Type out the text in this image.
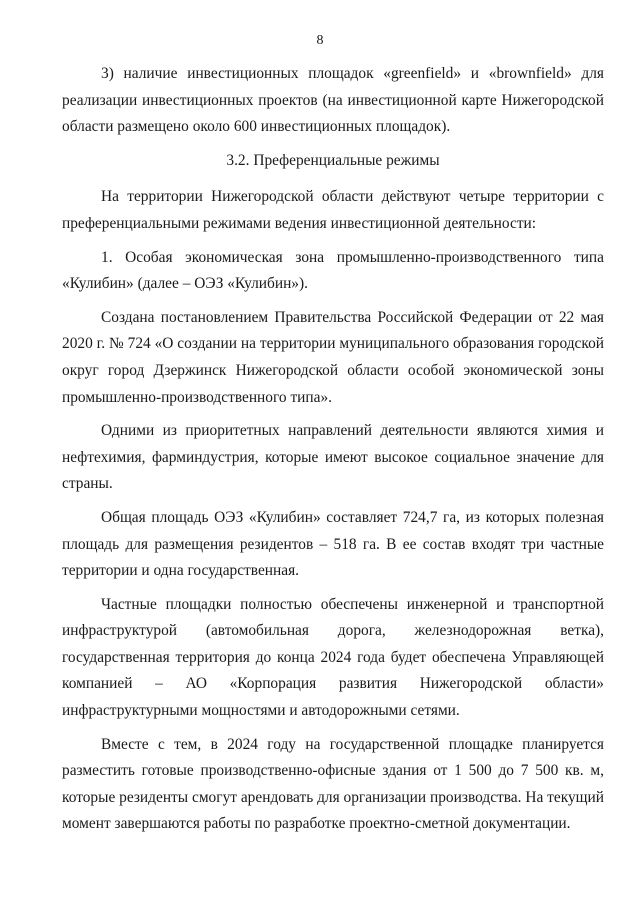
8

3) наличие инвестиционных площадок «greenfield» и «brownfield» для реализации инвестиционных проектов (на инвестиционной карте Нижегородской области размещено около 600 инвестиционных площадок).

3.2. Преференциальные режимы

На территории Нижегородской области действуют четыре территории с преференциальными режимами ведения инвестиционной деятельности:

1. Особая экономическая зона промышленно-производственного типа «Кулибин» (далее – ОЭЗ «Кулибин»).

Создана постановлением Правительства Российской Федерации от 22 мая 2020 г. № 724 «О создании на территории муниципального образования городской округ город Дзержинск Нижегородской области особой экономической зоны промышленно-производственного типа».

Одними из приоритетных направлений деятельности являются химия и нефтехимия, фарминдустрия, которые имеют высокое социальное значение для страны.

Общая площадь ОЭЗ «Кулибин» составляет 724,7 га, из которых полезная площадь для размещения резидентов – 518 га. В ее состав входят три частные территории и одна государственная.

Частные площадки полностью обеспечены инженерной и транспортной инфраструктурой (автомобильная дорога, железнодорожная ветка), государственная территория до конца 2024 года будет обеспечена Управляющей компанией – АО «Корпорация развития Нижегородской области» инфраструктурными мощностями и автодорожными сетями.

Вместе с тем, в 2024 году на государственной площадке планируется разместить готовые производственно-офисные здания от 1 500 до 7 500 кв. м, которые резиденты смогут арендовать для организации производства. На текущий момент завершаются работы по разработке проектно-сметной документации.
